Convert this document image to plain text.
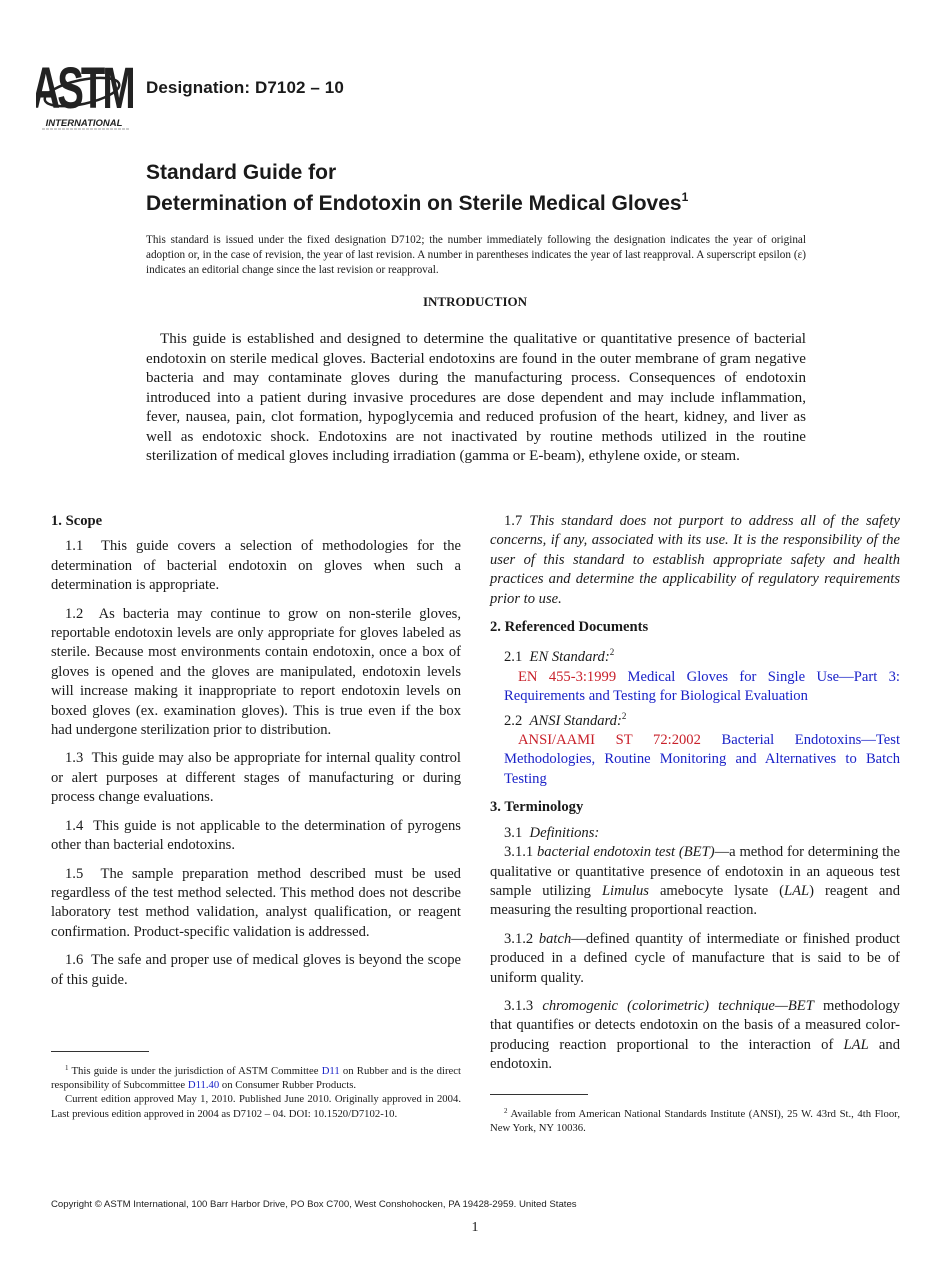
ASTM
INTERNATIONAL
Designation: D7102 – 10
Standard Guide for
Determination of Endotoxin on Sterile Medical Gloves$^1$
This standard is issued under the fixed designation D7102; the number immediately following the designation indicates the year of original adoption or, in the case of revision, the year of last revision. A number in parentheses indicates the year of last reapproval. A superscript epsilon (ε) indicates an editorial change since the last revision or reapproval.
INTRODUCTION
This guide is established and designed to determine the qualitative or quantitative presence of bacterial endotoxin on sterile medical gloves. Bacterial endotoxins are found in the outer membrane of gram negative bacteria and may contaminate gloves during the manufacturing process. Consequences of endotoxin introduced into a patient during invasive procedures are dose dependent and may include inflammation, fever, nausea, pain, clot formation, hypoglycemia and reduced profusion of the heart, kidney, and liver as well as endotoxic shock. Endotoxins are not inactivated by routine methods utilized in the routine sterilization of medical gloves including irradiation (gamma or E-beam), ethylene oxide, or steam.
1. Scope

1.1 This guide covers a selection of methodologies for the determination of bacterial endotoxin on gloves when such a determination is appropriate.

1.2 As bacteria may continue to grow on non-sterile gloves, reportable endotoxin levels are only appropriate for gloves labeled as sterile. Because most environments contain endotoxin, once a box of gloves is opened and the gloves are manipulated, endotoxin levels will increase making it inappropriate to report endotoxin levels on boxed gloves (ex. examination gloves). This is true even if the box had undergone sterilization prior to distribution.

1.3 This guide may also be appropriate for internal quality control or alert purposes at different stages of manufacturing or during process change evaluations.

1.4 This guide is not applicable to the determination of pyrogens other than bacterial endotoxins.

1.5 The sample preparation method described must be used regardless of the test method selected. This method does not describe laboratory test method validation, analyst qualification, or reagent confirmation. Product-specific validation is addressed.

1.6 The safe and proper use of medical gloves is beyond the scope of this guide.

1.7 This standard does not purport to address all of the safety concerns, if any, associated with its use. It is the responsibility of the user of this standard to establish appropriate safety and health practices and determine the applicability of regulatory requirements prior to use.

2. Referenced Documents
2.1 EN Standard:$^2$

EN 455-3:1999 Medical Gloves for Single Use—Part 3: Requirements and Testing for Biological Evaluation

2.2 ANSI Standard:$^2$

ANSI/AAMI ST 72:2002 Bacterial Endotoxins—Test Methodologies, Routine Monitoring and Alternatives to Batch Testing

3. Terminology
3.1 Definitions:

3.1.1 bacterial endotoxin test (BET)—a method for determining the qualitative or quantitative presence of endotoxin in an aqueous test sample utilizing Limulus amebocyte lysate (LAL) reagent and measuring the resulting proportional reaction.

3.1.2 batch—defined quantity of intermediate or finished product produced in a defined cycle of manufacture that is said to be of uniform quality.

3.1.3 chromogenic (colorimetric) technique—BET methodology that quantifies or detects endotoxin on the basis of a measured color-producing reaction proportional to the interaction of LAL and endotoxin.

$^1$ This guide is under the jurisdiction of ASTM Committee D11 on Rubber and is the direct responsibility of Subcommittee D11.40 on Consumer Rubber Products.

Current edition approved May 1, 2010. Published June 2010. Originally approved in 2004. Last previous edition approved in 2004 as D7102 – 04. DOI: 10.1520/D7102-10.	$^2$ Available from American National Standards Institute (ANSI), 25 W. 43rd St., 4th Floor, New York, NY 10036.

Copyright © ASTM International, 100 Barr Harbor Drive, PO Box C700, West Conshohocken, PA 19428-2959. United States
1
